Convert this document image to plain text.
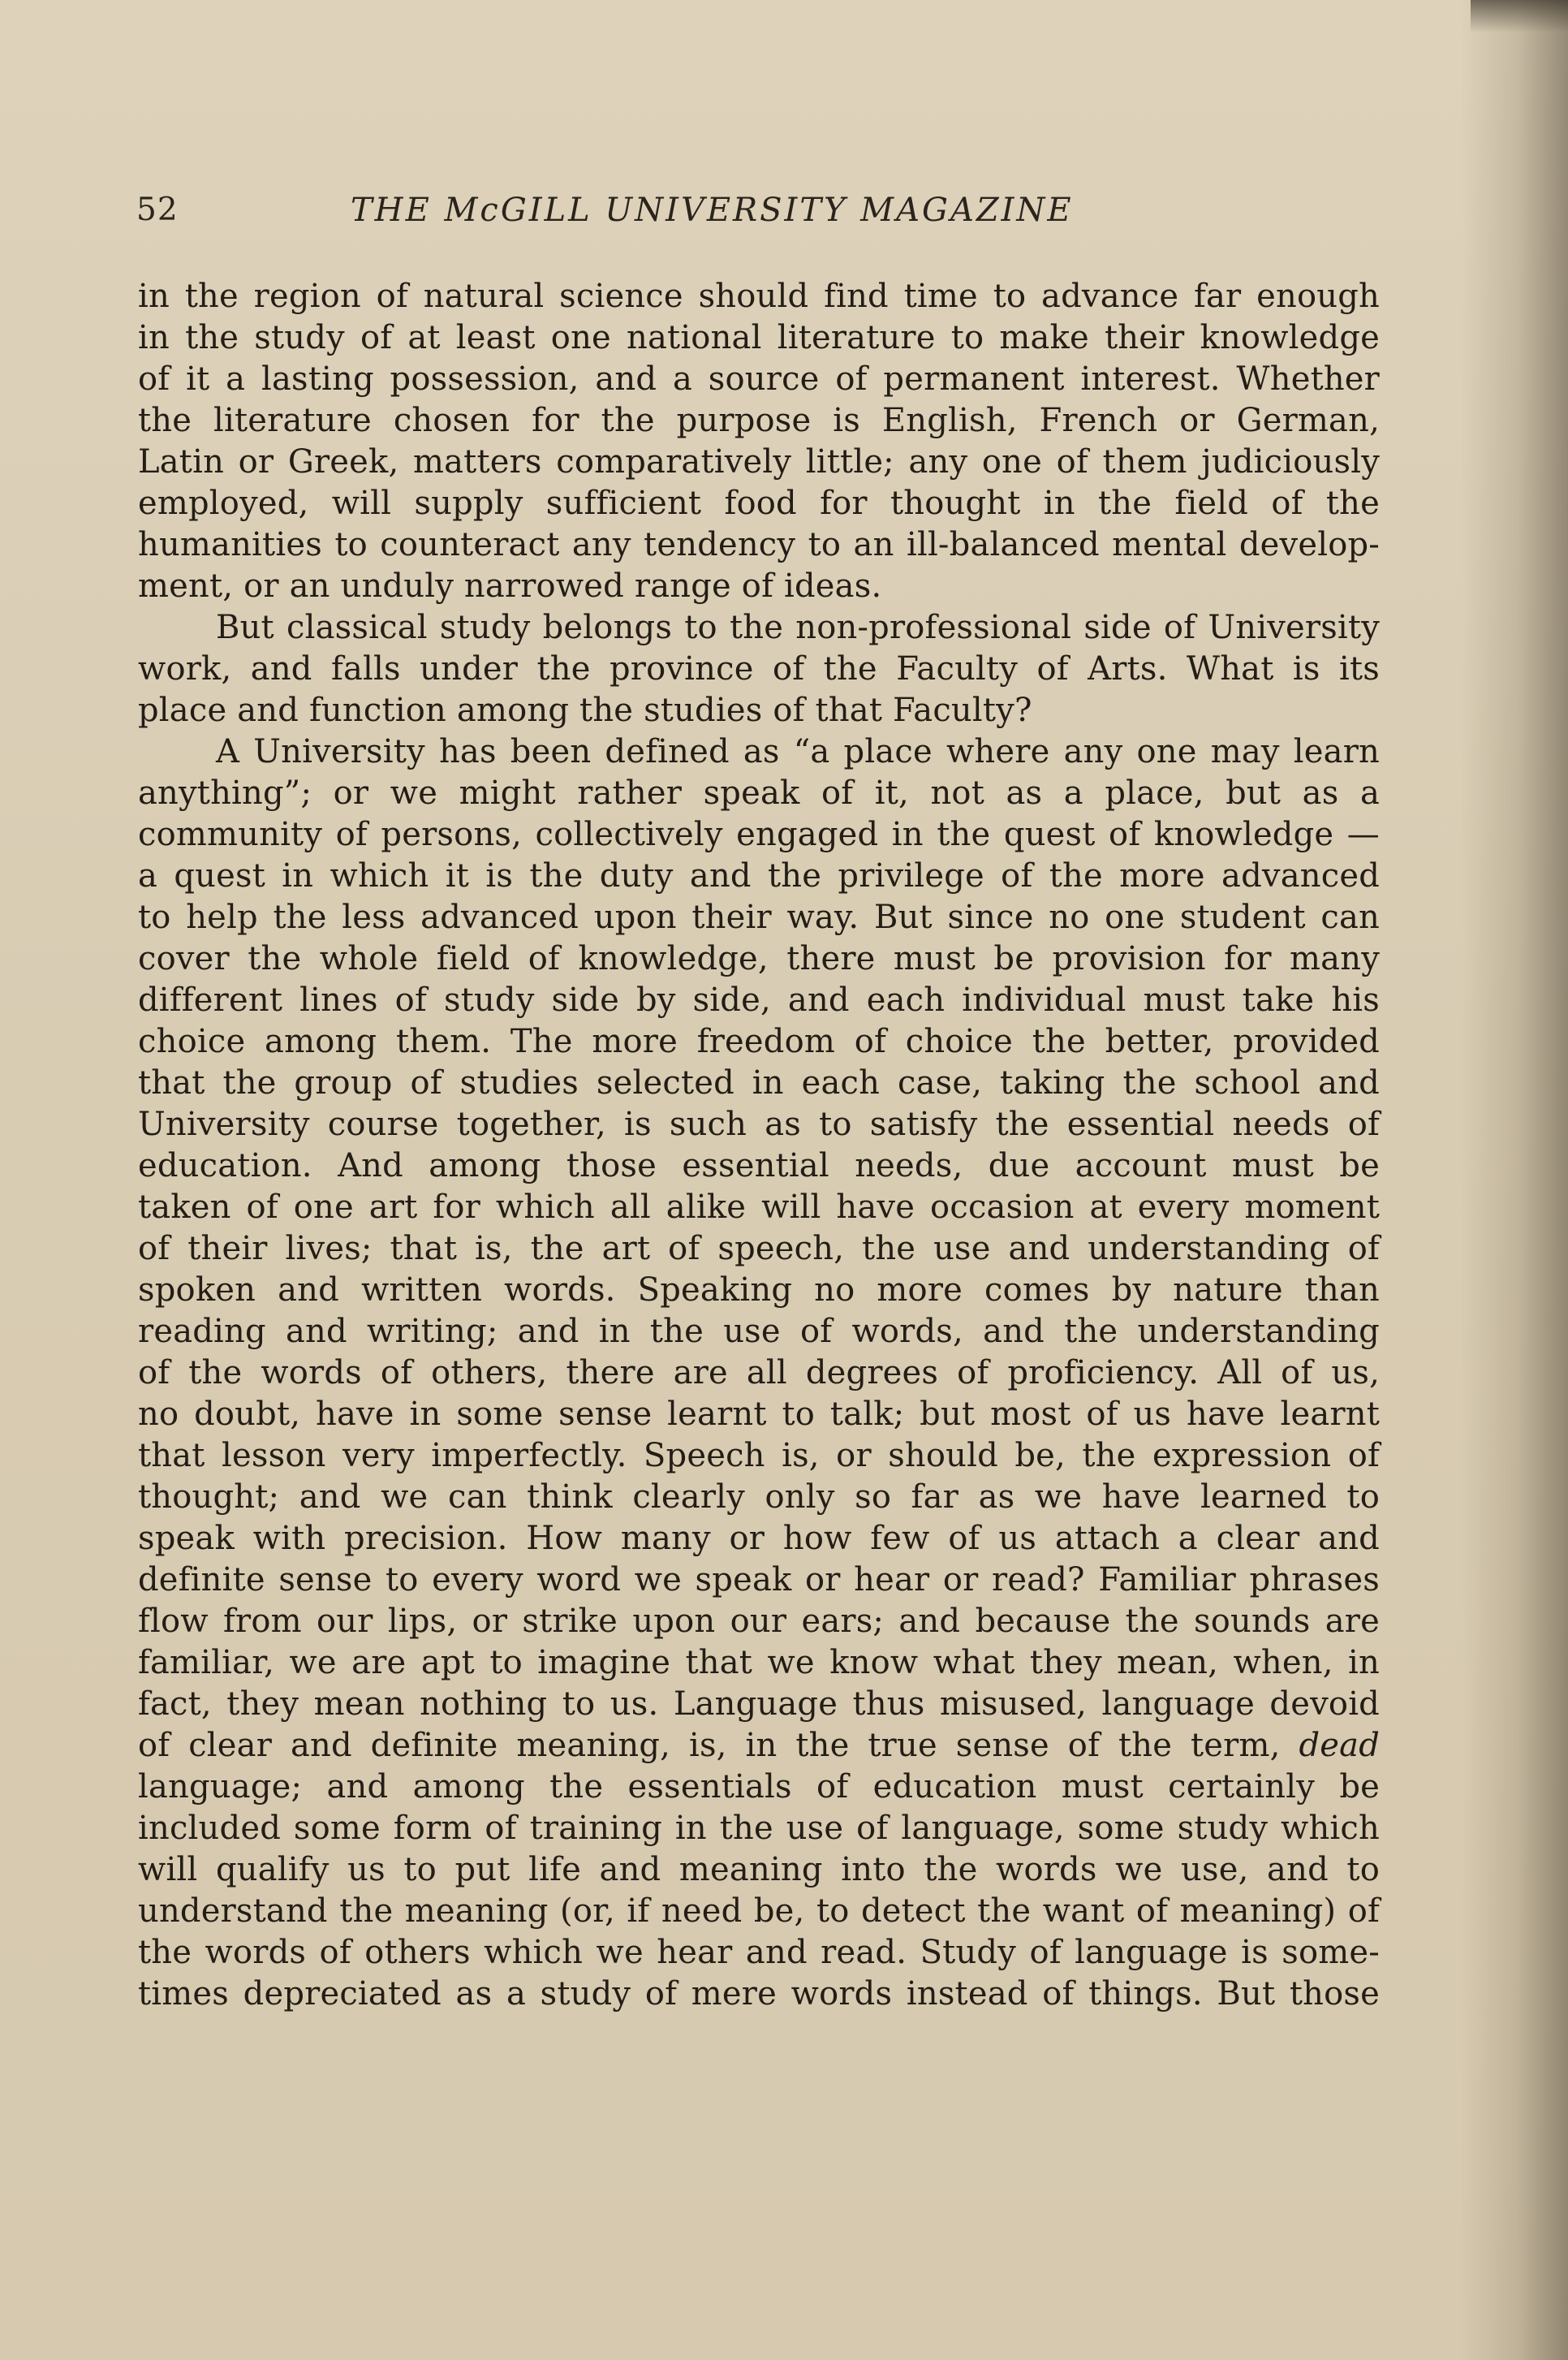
52	THE McGILL UNIVERSITY MAGAZINE
in the region of natural science should find time to advance far enough
in the study of at least one national literature to make their knowledge
of it a lasting possession, and a source of permanent interest. Whether
the literature chosen for the purpose is English, French or German,
Latin or Greek, matters comparatively little; any one of them judiciously
employed, will supply sufficient food for thought in the field of the
humanities to counteract any tendency to an ill-balanced mental develop-
ment, or an unduly narrowed range of ideas.
But classical study belongs to the non-professional side of University
work, and falls under the province of the Faculty of Arts. What is its
place and function among the studies of that Faculty?
A University has been defined as “a place where any one may learn
anything”; or we might rather speak of it, not as a place, but as a
community of persons, collectively engaged in the quest of knowledge —
a quest in which it is the duty and the privilege of the more advanced
to help the less advanced upon their way. But since no one student can
cover the whole field of knowledge, there must be provision for many
different lines of study side by side, and each individual must take his
choice among them. The more freedom of choice the better, provided
that the group of studies selected in each case, taking the school and
University course together, is such as to satisfy the essential needs of
education. And among those essential needs, due account must be
taken of one art for which all alike will have occasion at every moment
of their lives; that is, the art of speech, the use and understanding of
spoken and written words. Speaking no more comes by nature than
reading and writing; and in the use of words, and the understanding
of the words of others, there are all degrees of proficiency. All of us,
no doubt, have in some sense learnt to talk; but most of us have learnt
that lesson very imperfectly. Speech is, or should be, the expression of
thought; and we can think clearly only so far as we have learned to
speak with precision. How many or how few of us attach a clear and
definite sense to every word we speak or hear or read? Familiar phrases
flow from our lips, or strike upon our ears; and because the sounds are
familiar, we are apt to imagine that we know what they mean, when, in
fact, they mean nothing to us. Language thus misused, language devoid
of clear and definite meaning, is, in the true sense of the term, dead
language; and among the essentials of education must certainly be
included some form of training in the use of language, some study which
will qualify us to put life and meaning into the words we use, and to
understand the meaning (or, if need be, to detect the want of meaning) of
the words of others which we hear and read. Study of language is some-
times depreciated as a study of mere words instead of things. But those
